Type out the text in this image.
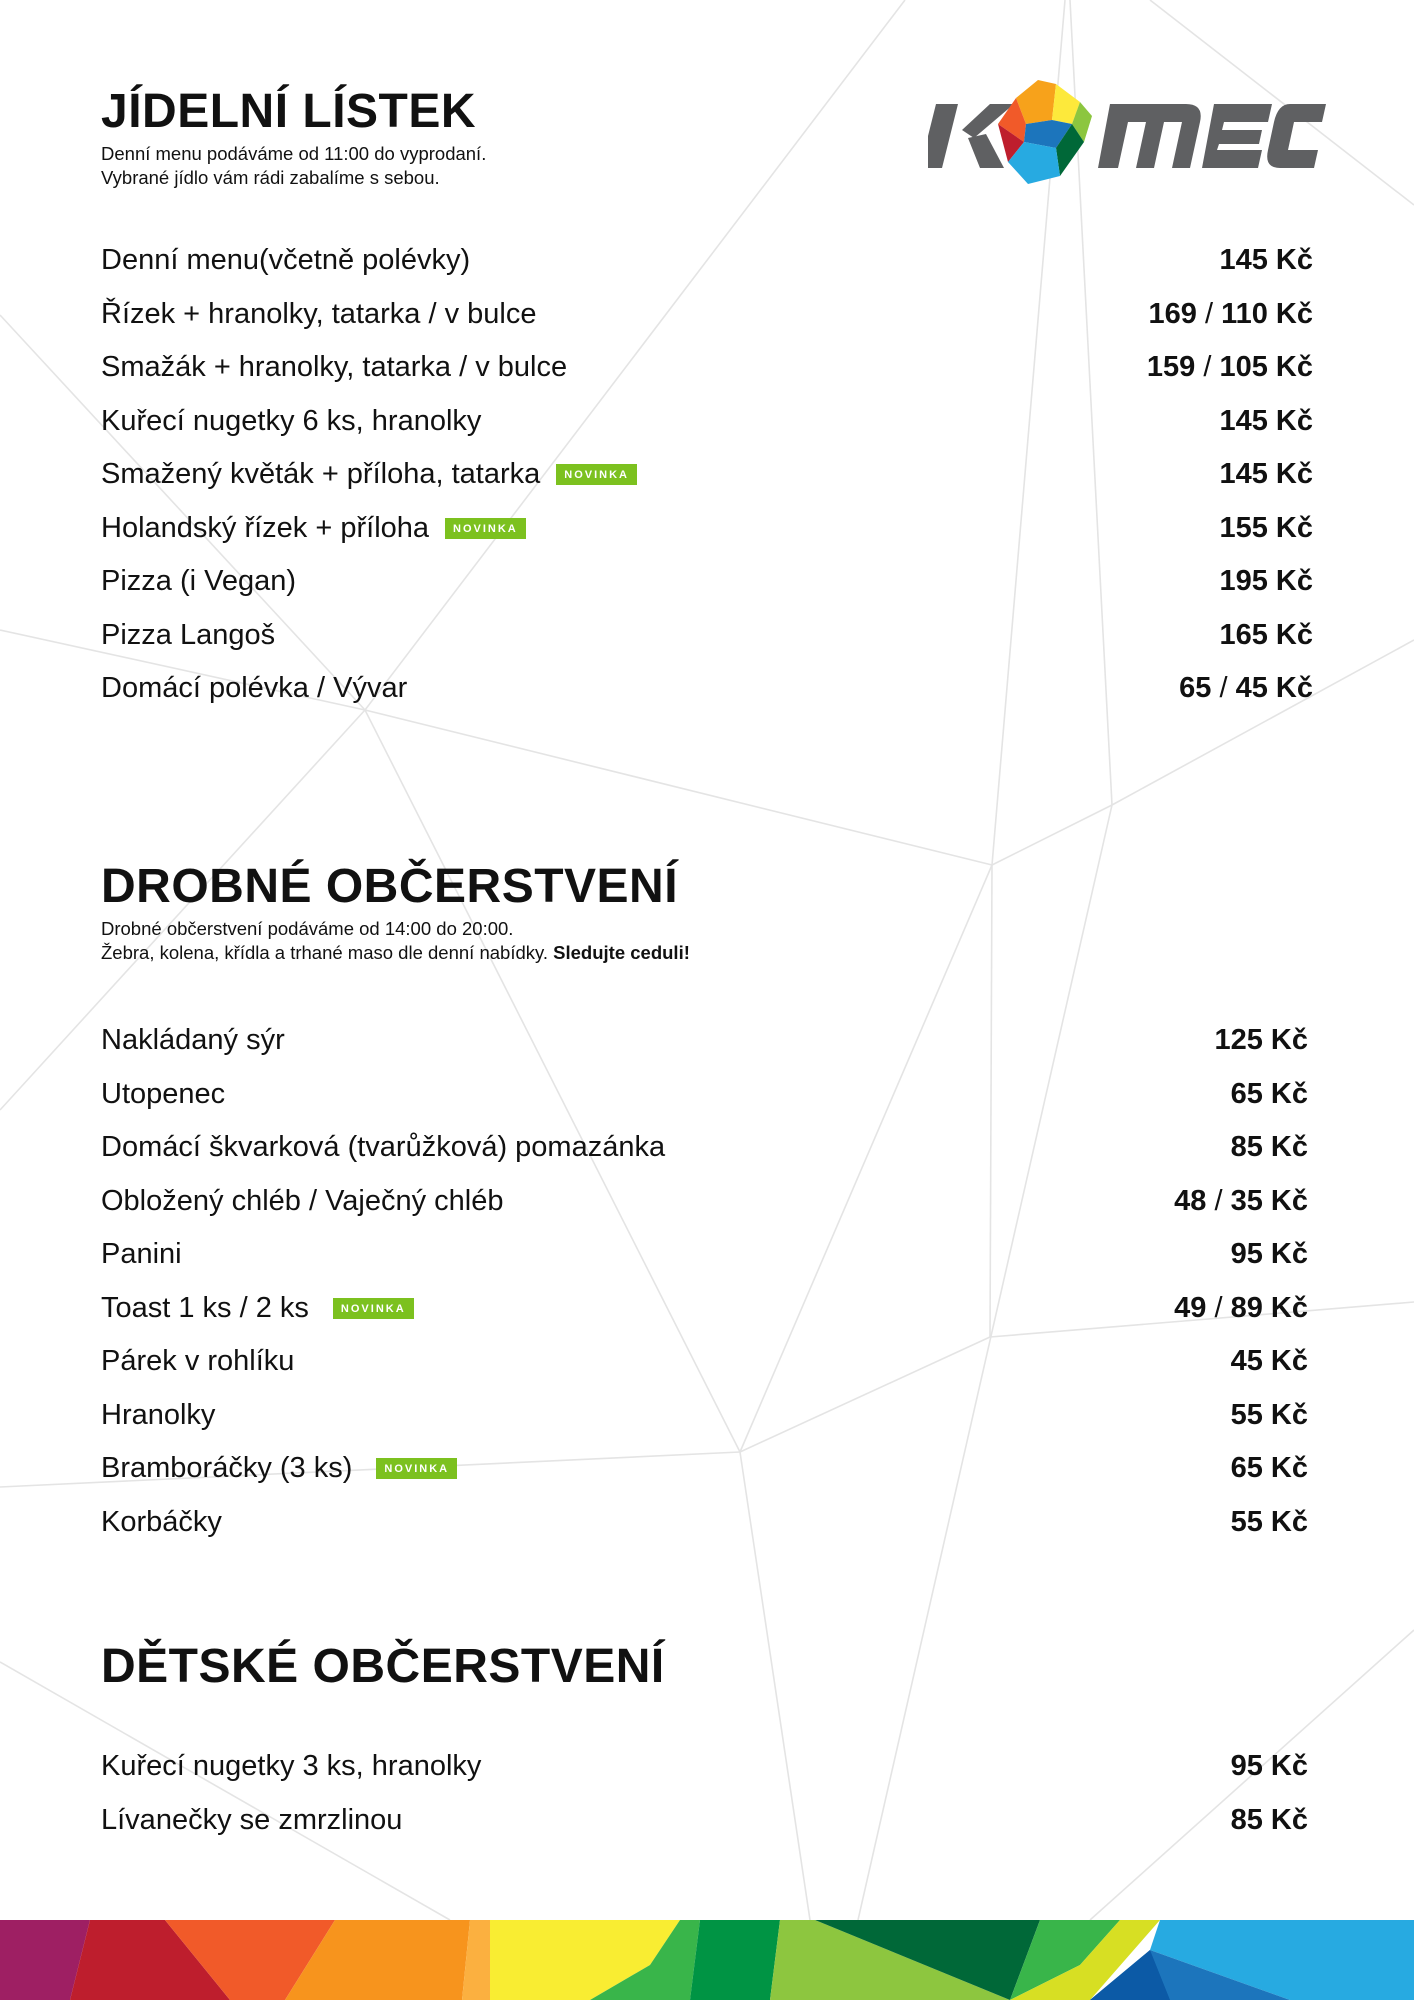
JÍDELNÍ LÍSTEK
Denní menu podáváme od 11:00 do vyprodaní.
Vybrané jídlo vám rádi zabalíme s sebou.
Denní menu(včetně polévky)	145 Kč
Řízek + hranolky, tatarka / v bulce	169 / 110 Kč
Smažák + hranolky, tatarka / v bulce	159 / 105 Kč
Kuřecí nugetky 6 ks, hranolky	145 Kč
Smažený květák + příloha, tatarka	NOVINKA	145 Kč
Holandský řízek + příloha	NOVINKA	155 Kč
Pizza (i Vegan)	195 Kč
Pizza Langoš	165 Kč
Domácí polévka / Vývar	65 / 45 Kč
DROBNÉ OBČERSTVENÍ
Drobné občerstvení podáváme od 14:00 do 20:00.
Žebra, kolena, křídla a trhané maso dle denní nabídky. Sledujte ceduli!
Nakládaný sýr	125 Kč
Utopenec	65 Kč
Domácí škvarková (tvarůžková) pomazánka	85 Kč
Obložený chléb / Vaječný chléb	48 / 35 Kč
Panini	95 Kč
Toast 1 ks / 2 ks	NOVINKA	49 / 89 Kč
Párek v rohlíku	45 Kč
Hranolky	55 Kč
Bramboráčky (3 ks)	NOVINKA	65 Kč
Korbáčky	55 Kč
DĚTSKÉ OBČERSTVENÍ
Kuřecí nugetky 3 ks, hranolky	95 Kč
Lívanečky se zmrzlinou	85 Kč
